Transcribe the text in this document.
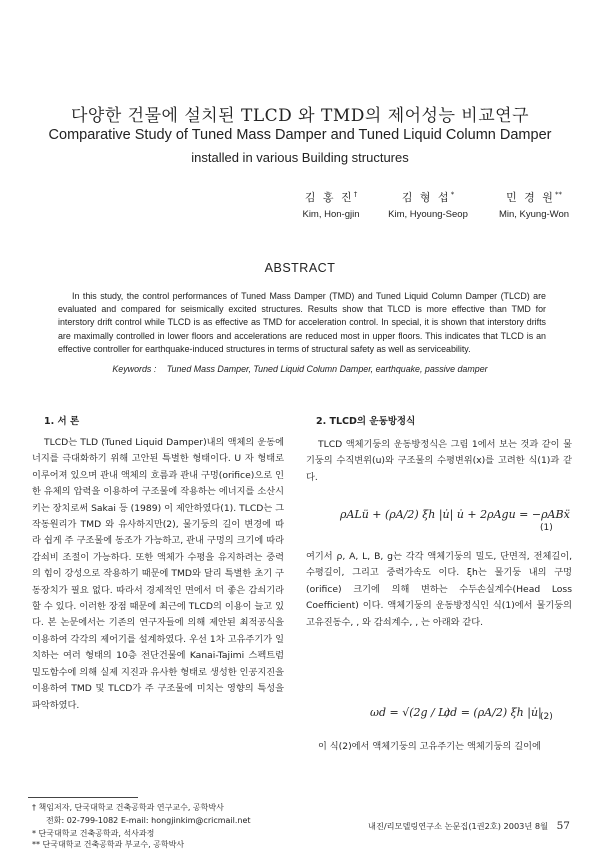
다양한 건물에 설치된 TLCD 와 TMD의 제어성능 비교연구
Comparative Study of Tuned Mass Damper and Tuned Liquid Column Damper
installed in various Building structures
김 홍 진†
Kim, Hon-gjin
김 형 섭*
Kim, Hyoung-Seop
민 경 원**
Min, Kyung-Won
ABSTRACT
In this study, the control performances of Tuned Mass Damper (TMD) and Tuned Liquid Column Damper (TLCD) are evaluated and compared for seismically excited structures. Results show that TLCD is more effective than TMD for interstory drift control while TLCD is as effective as TMD for acceleration control. In special, it is shown that interstory drifts are maximally controlled in lower floors and accelerations are reduced most in upper floors. This indicates that TLCD is an effective controller for earthquake-induced structures in terms of structural safety as well as serviceability.
Keywords : Tuned Mass Damper, Tuned Liquid Column Damper, earthquake, passive damper
1. 서 론

TLCD는 TLD (Tuned Liquid Damper)내의 액체의 운동에너지를 극대화하기 위해 고안된 특별한 형태이다. U 자 형태로 이루어져 있으며 관내 액체의 흐름과 관내 구멍(orifice)으로 인한 유체의 압력을 이용하여 구조물에 작용하는 에너지를 소산시키는 장치로써 Sakai 등 (1989) 이 제안하였다(1). TLCD는 그 작동원리가 TMD 와 유사하지만(2), 물기둥의 길이 변경에 따라 쉽게 주 구조물에 동조가 가능하고, 관내 구멍의 크기에 따라 감쇠비 조절이 가능하다. 또한 액체가 수평을 유지하려는 중력의 힘이 강성으로 작용하기 때문에 TMD와 달리 특별한 초기 구동장치가 필요 없다. 따라서 경제적인 면에서 더 좋은 감쇠기라 할 수 있다. 이러한 장점 때문에 최근에 TLCD의 이용이 늘고 있다. 본 논문에서는 기존의 연구자들에 의해 제안된 최적공식을 이용하여 각각의 제어기를 설계하였다. 우선 1차 고유주기가 일치하는 여러 형태의 10층 전단건물에 Kanai-Tajimi 스펙트럼 밀도함수에 의해 실제 지진과 유사한 형태로 생성한 인공지진을 이용하여 TMD 및 TLCD가 주 구조물에 미치는 영향의 특성을 파악하였다.

2. TLCD의 운동방정식

TLCD 액체기둥의 운동방정식은 그림 1에서 보는 것과 같이 물기둥의 수직변위(u)와 구조물의 수평변위(x)를 고려한 식(1)과 같다.

ρALü + (ρA/2) ξh |u̇| u̇ + 2ρAgu = −ρABẍ
(1)

여기서 ρ, A, L, B, g는 각각 액체기둥의 밀도, 단면적, 전체길이, 수평길이, 그리고 중력가속도 이다. ξh는 물기둥 내의 구멍(orifice) 크기에 의해 변하는 수두손실계수(Head Loss Coefficient) 이다. 액체기둥의 운동방정식인 식(1)에서 물기둥의 고유진동수, , 와 감쇠계수, , 는 아래와 같다.

ωd = √(2g / L)
cd = (ρA/2) ξh |u̇|
(2)

이 식(2)에서 액체기둥의 고유주기는 액체기둥의 길이에

† 책임저자, 단국대학교 건축공학과 연구교수, 공학박사
전화: 02-799-1082 E-mail: hongjinkim@cricmail.net
* 단국대학교 건축공학과, 석사과정
** 단국대학교 건축공학과 부교수, 공학박사
내진/리모델링연구소 논문집(1권2호) 2003년 8월 57
